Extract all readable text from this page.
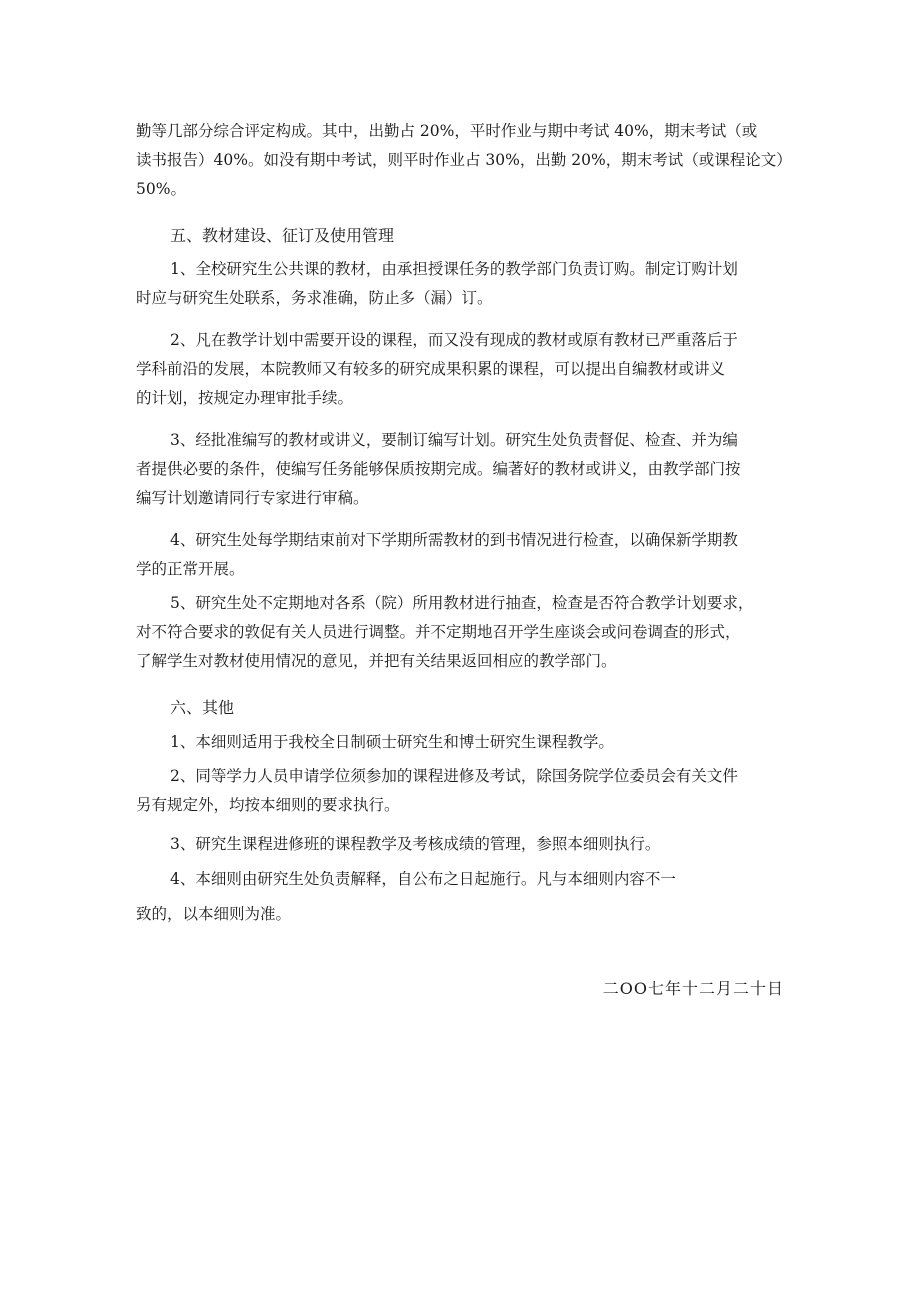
勤等几部分综合评定构成。其中，出勤占 20%，平时作业与期中考试 40%，期末考试（或
读书报告）40%。如没有期中考试，则平时作业占 30%，出勤 20%，期末考试（或课程论文）
50%。
五、教材建设、征订及使用管理
1、全校研究生公共课的教材，由承担授课任务的教学部门负责订购。制定订购计划
时应与研究生处联系，务求准确，防止多（漏）订。
2、凡在教学计划中需要开设的课程，而又没有现成的教材或原有教材已严重落后于
学科前沿的发展，本院教师又有较多的研究成果积累的课程，可以提出自编教材或讲义
的计划，按规定办理审批手续。
3、经批准编写的教材或讲义，要制订编写计划。研究生处负责督促、检查、并为编
者提供必要的条件，使编写任务能够保质按期完成。编著好的教材或讲义，由教学部门按
编写计划邀请同行专家进行审稿。
4、研究生处每学期结束前对下学期所需教材的到书情况进行检查，以确保新学期教
学的正常开展。
5、研究生处不定期地对各系（院）所用教材进行抽查，检查是否符合教学计划要求，
对不符合要求的敦促有关人员进行调整。并不定期地召开学生座谈会或问卷调查的形式，
了解学生对教材使用情况的意见，并把有关结果返回相应的教学部门。
六、其他
1、本细则适用于我校全日制硕士研究生和博士研究生课程教学。
2、同等学力人员申请学位须参加的课程进修及考试，除国务院学位委员会有关文件
另有规定外，均按本细则的要求执行。
3、研究生课程进修班的课程教学及考核成绩的管理，参照本细则执行。
4、本细则由研究生处负责解释，自公布之日起施行。凡与本细则内容不一
致的，以本细则为准。
二OO七年十二月二十日
